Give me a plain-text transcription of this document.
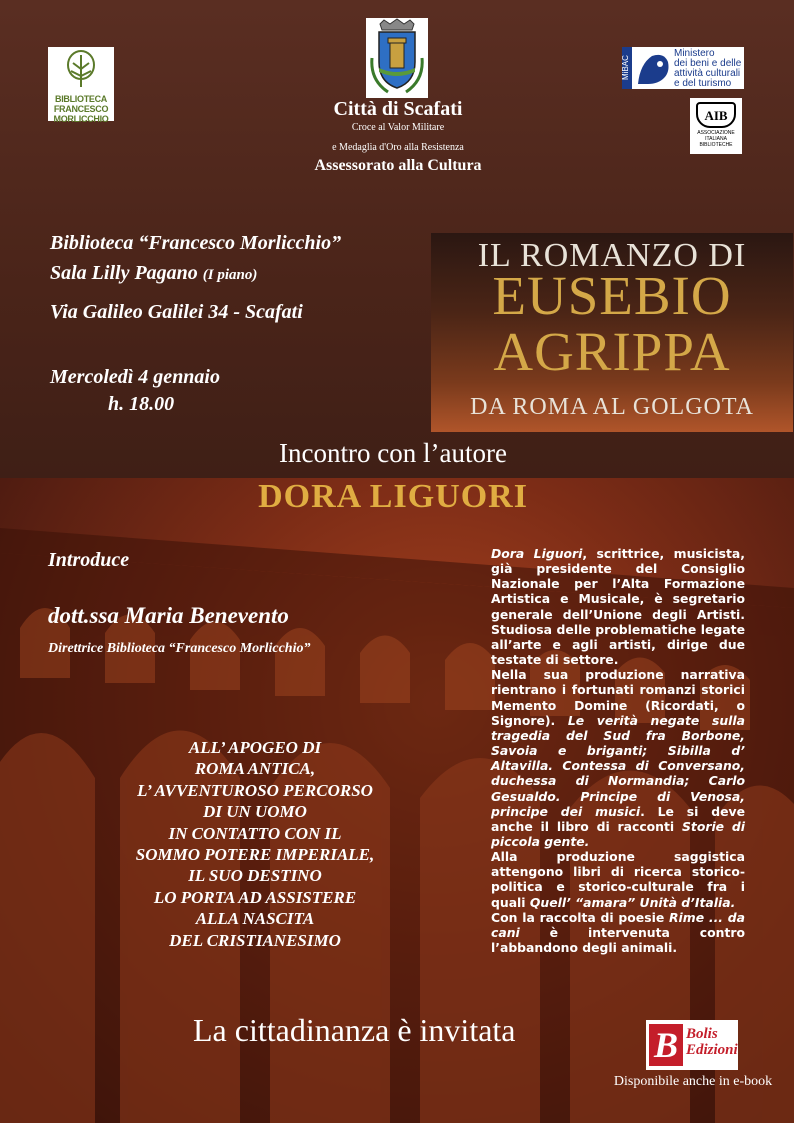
BIBLIOTECA
FRANCESCO
MORLICCHIO	Città di Scafati
Croce al Valor Militare
e Medaglia d'Oro alla Resistenza
Assessorato alla Cultura
MiBAC
Ministero
dei beni e delle
attività culturali
e del turismo
AIB
ASSOCIAZIONE
ITALIANA
BIBLIOTECHE
Biblioteca “Francesco Morlicchio”
Sala Lilly Pagano (I piano)
Via Galileo Galilei 34 - Scafati
Mercoledì 4 gennaio
h. 18.00
IL ROMANZO DI
EUSEBIO
AGRIPPA
DA ROMA AL GOLGOTA
Incontro con l’autore
DORA LIGUORI
Introduce
dott.ssa Maria Benevento
Direttrice Biblioteca “Francesco Morlicchio”
ALL’ APOGEO DI
ROMA ANTICA,
L’ AVVENTUROSO PERCORSO
DI UN UOMO
IN CONTATTO CON IL
SOMMO POTERE IMPERIALE,
IL SUO DESTINO
LO PORTA AD ASSISTERE
ALLA NASCITA
DEL CRISTIANESIMO

Dora Liguori, scrittrice, musicista, già presidente del Consiglio Nazionale per l’Alta Formazione Artistica e Musicale, è segretario generale dell’Unione degli Artisti. Studiosa delle problematiche legate all’arte e agli artisti, dirige due testate di settore.

Nella sua produzione narrativa rientrano i fortunati romanzi storici Memento Domine (Ricordati, o Signore). Le verità negate sulla tragedia del Sud fra Borbone, Savoia e briganti; Sibilla d’ Altavilla. Contessa di Conversano, duchessa di Normandia; Carlo Gesualdo. Principe di Venosa, principe dei musici. Le si deve anche il libro di racconti Storie di piccola gente.

Alla produzione saggistica attengono libri di ricerca storico-politica e storico-culturale fra i quali Quell’ “amara” Unità d’Italia.

Con la raccolta di poesie Rime ... da cani è intervenuta contro l’abbandono degli animali.

La cittadinanza è invitata	B Bolis
Edizioni
Disponibile anche in e-book
